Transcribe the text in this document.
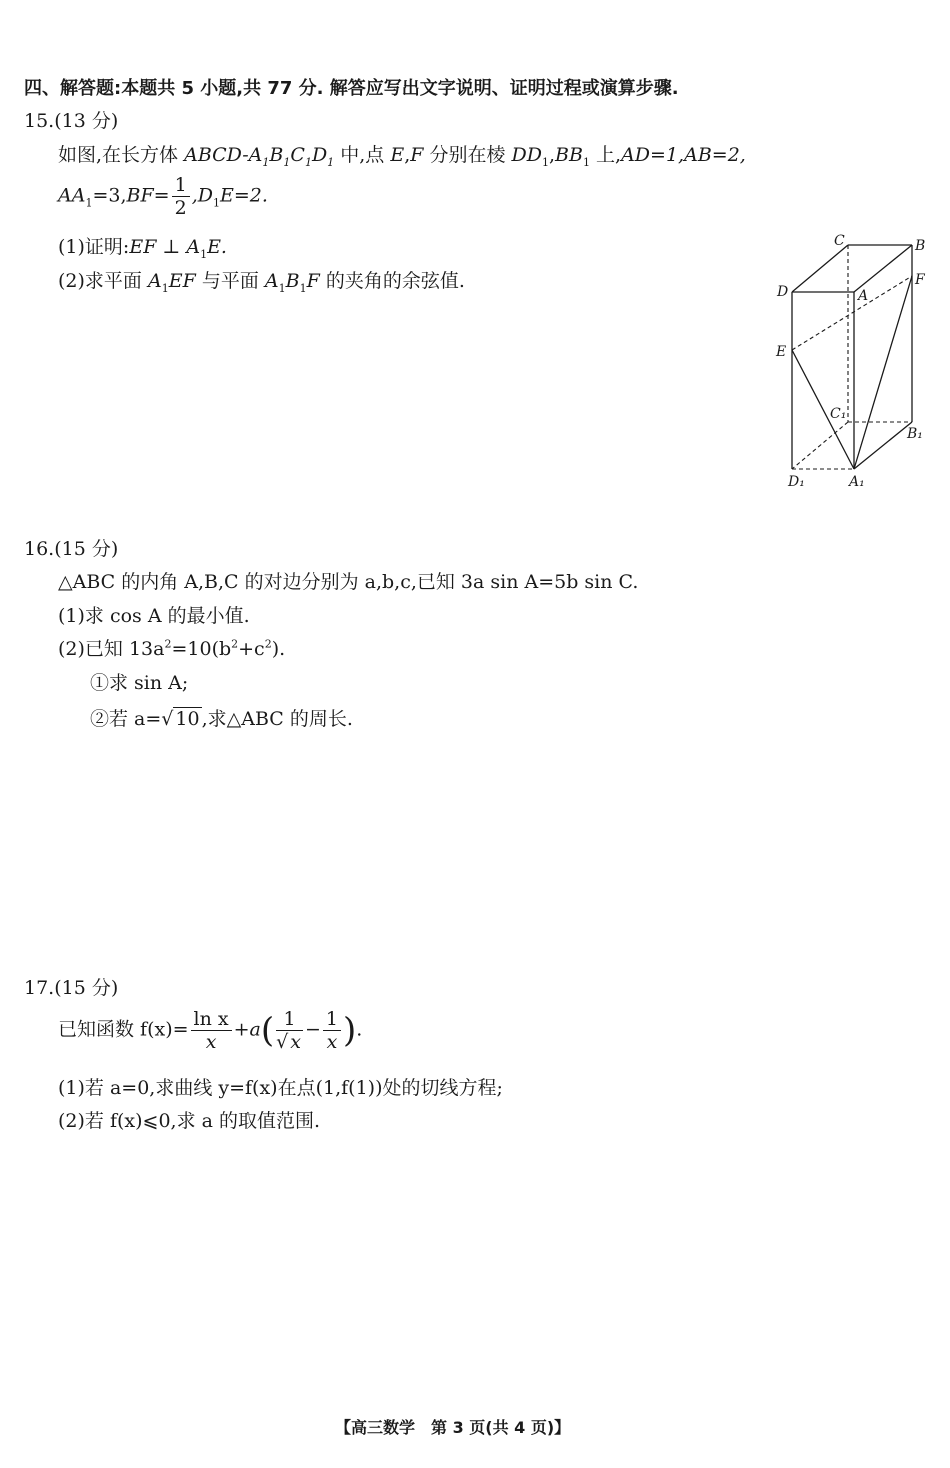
四、解答题:本题共 5 小题,共 77 分. 解答应写出文字说明、证明过程或演算步骤.
15.(13 分)
如图,在长方体 ABCD-$A_1B_1C_1D_1$ 中,点 E,F 分别在棱 $DD_1,BB_1$ 上,AD=1,AB=2,
$AA_1=3,BF= \frac{1}{2} ,D_1E=2$.
(1)证明:EF ⊥ $A_1E$.
(2)求平面 $A_1EF$ 与平面 $A_1B_1F$ 的夹角的余弦值.
C	B
D	A
F
E
C₁
B₁
D₁	A₁
16.(15 分)
△ABC 的内角 A,B,C 的对边分别为 a,b,c,已知 3a sin A=5b sin C.
(1)求 cos A 的最小值.
(2)已知 $13a^2=10(b^2+c^2)$.
①求 sin A;
②若 a=√ 10 ,求△ABC 的周长.
17.(15 分)
已知函数 $f(x)= \frac{\text{ln x}}{x} +a( \frac{1}{√ x} - \frac{1}{x}$ ).
(1)若 a=0,求曲线 y=f(x)在点(1,f(1))处的切线方程;
(2)若 f(x)⩽0,求 a 的取值范围.
【高三数学　第 3 页(共 4 页)】
